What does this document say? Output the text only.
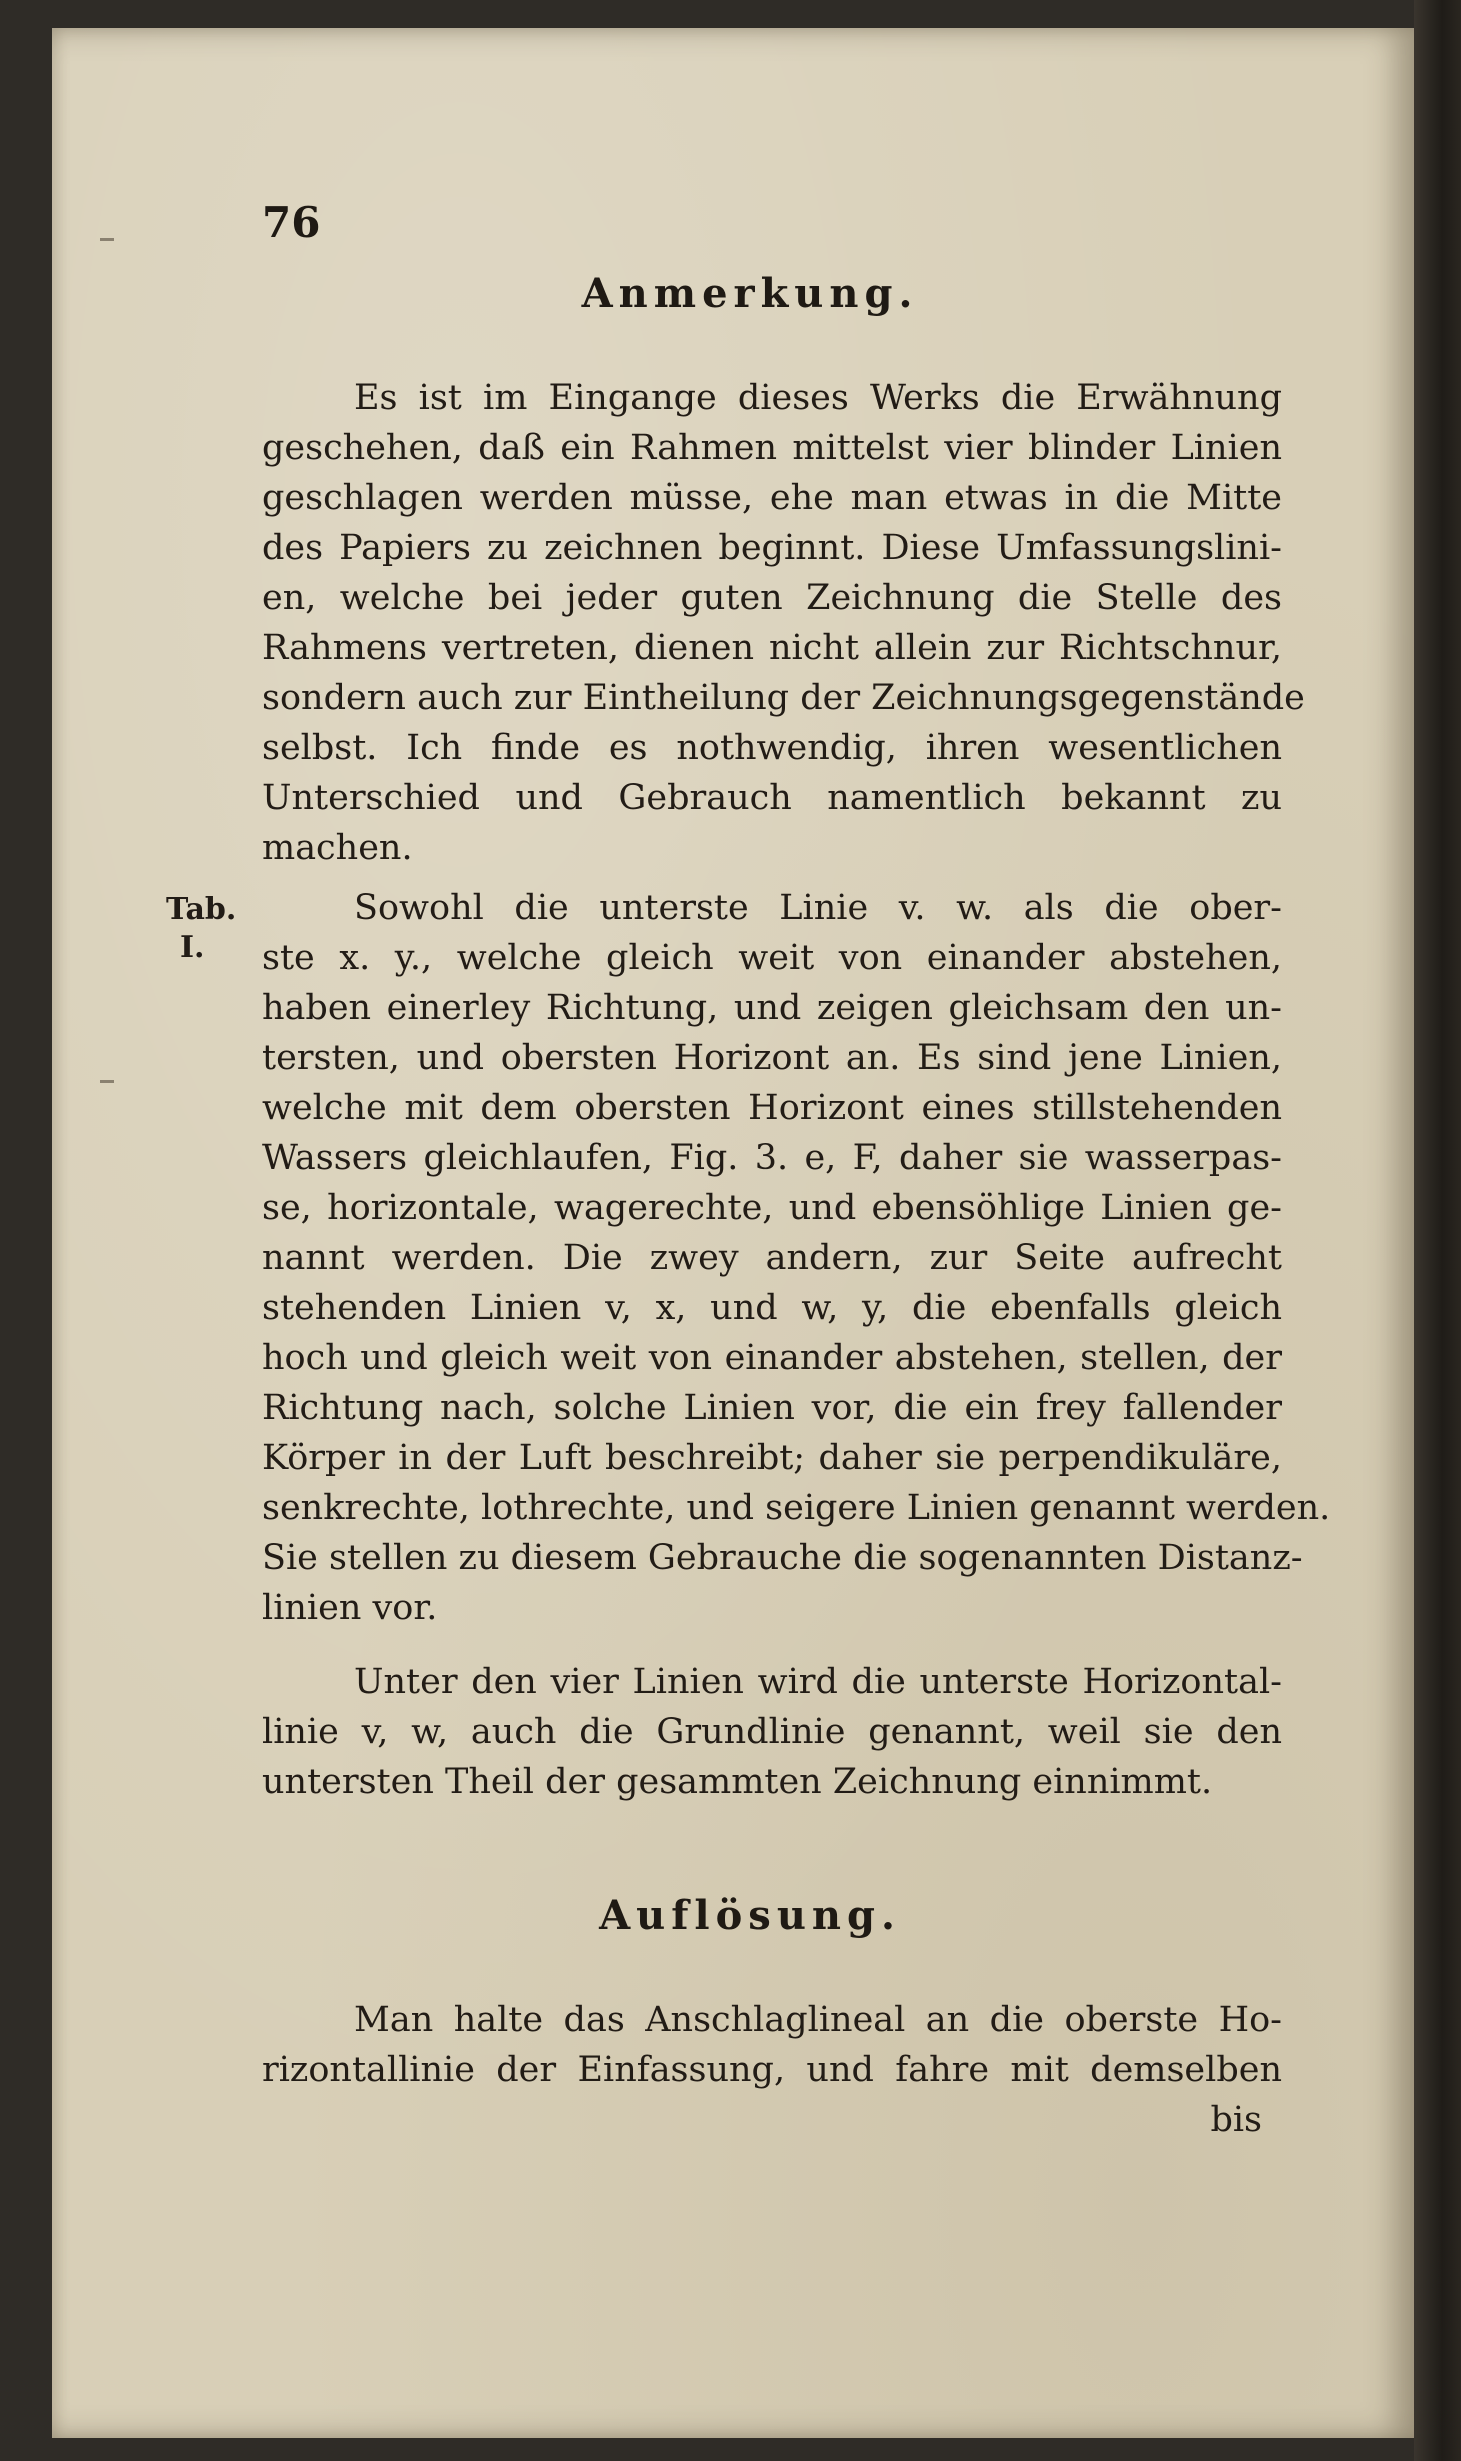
76
Anmerkung.
Es ist im Eingange dieses Werks die Erwähnung
geschehen, daß ein Rahmen mittelst vier blinder Linien
geschlagen werden müsse, ehe man etwas in die Mitte
des Papiers zu zeichnen beginnt. Diese Umfassungslini-
en, welche bei jeder guten Zeichnung die Stelle des
Rahmens vertreten, dienen nicht allein zur Richtschnur,
sondern auch zur Eintheilung der Zeichnungsgegenstände
selbst. Ich finde es nothwendig, ihren wesentlichen
Unterschied und Gebrauch namentlich bekannt zu
machen.
Tab.
I.
Sowohl die unterste Linie v. w. als die ober-
ste x. y., welche gleich weit von einander abstehen,
haben einerley Richtung, und zeigen gleichsam den un-
tersten, und obersten Horizont an. Es sind jene Linien,
welche mit dem obersten Horizont eines stillstehenden
Wassers gleichlaufen, Fig. 3. e, F, daher sie wasserpas-
se, horizontale, wagerechte, und ebensöhlige Linien ge-
nannt werden. Die zwey andern, zur Seite aufrecht
stehenden Linien v, x, und w, y, die ebenfalls gleich
hoch und gleich weit von einander abstehen, stellen, der
Richtung nach, solche Linien vor, die ein frey fallender
Körper in der Luft beschreibt; daher sie perpendikuläre,
senkrechte, lothrechte, und seigere Linien genannt werden.
Sie stellen zu diesem Gebrauche die sogenannten Distanz-
linien vor.
Unter den vier Linien wird die unterste Horizontal-
linie v, w, auch die Grundlinie genannt, weil sie den
untersten Theil der gesammten Zeichnung einnimmt.
Auflösung.
Man halte das Anschlaglineal an die oberste Ho-
rizontallinie der Einfassung, und fahre mit demselben
bis
